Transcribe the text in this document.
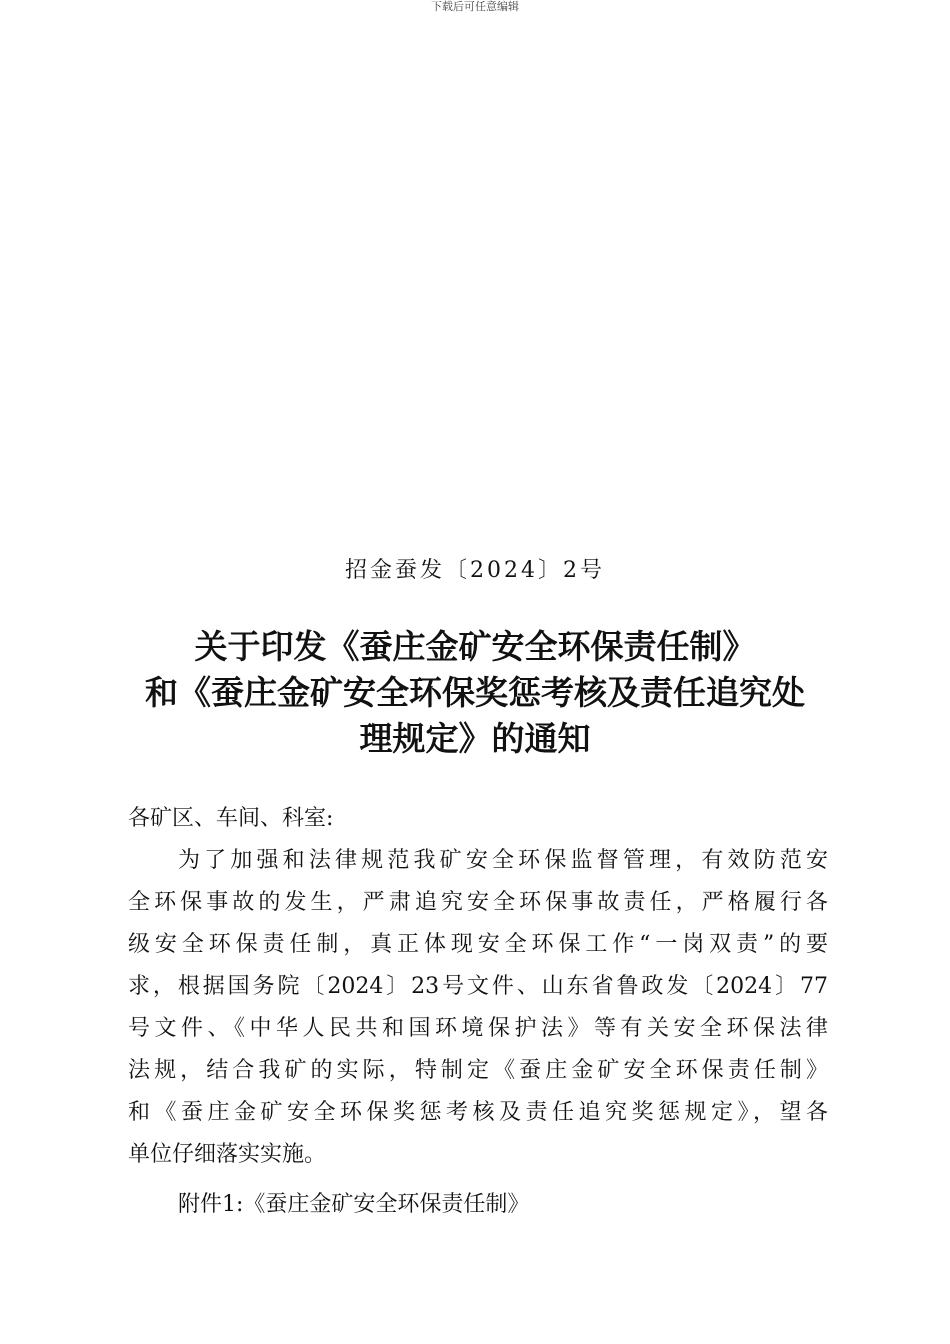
下载后可任意编辑
招金蚕发〔2024〕2号
关于印发《蚕庄金矿安全环保责任制》
和《蚕庄金矿安全环保奖惩考核及责任追究处
理规定》的通知
各矿区、车间、科室:
为了加强和法律规范我矿安全环保监督管理，有效防范安
全环保事故的发生，严肃追究安全环保事故责任，严格履行各
级安全环保责任制，真正体现安全环保工作“一岗双责”的要
求，根据国务院〔2024〕23号文件、山东省鲁政发〔2024〕77
号文件、《中华人民共和国环境保护法》等有关安全环保法律
法规，结合我矿的实际，特制定《蚕庄金矿安全环保责任制》
和《蚕庄金矿安全环保奖惩考核及责任追究奖惩规定》，望各
单位仔细落实实施。
附件1:《蚕庄金矿安全环保责任制》
